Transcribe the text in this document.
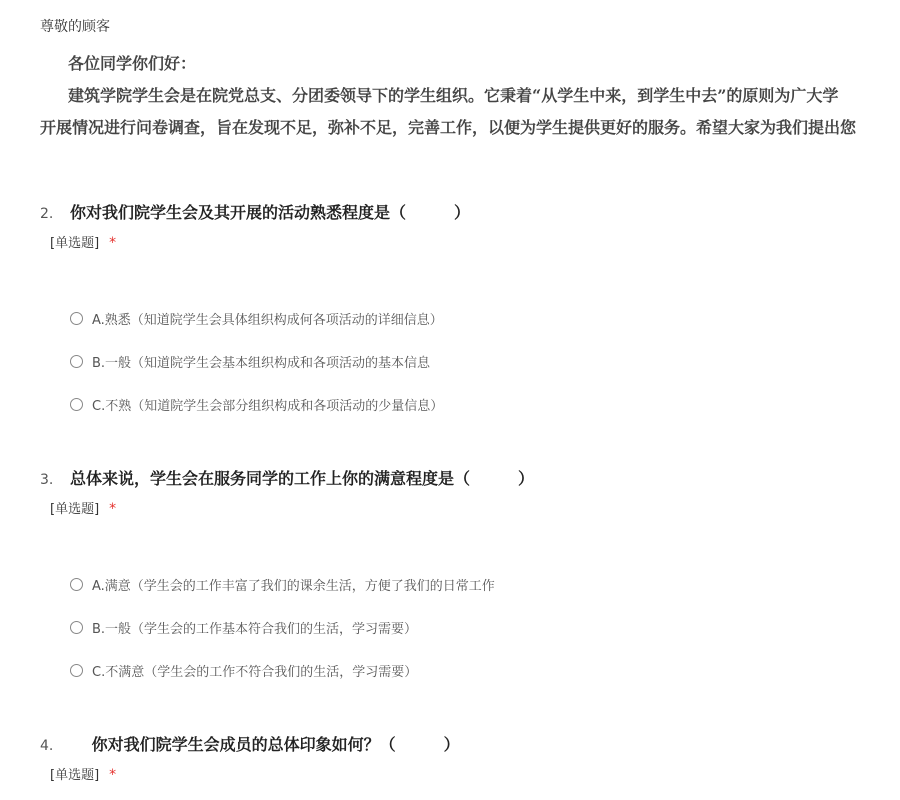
尊敬的顾客
各位同学你们好：
建筑学院学生会是在院党总支、分团委领导下的学生组织。它秉着“从学生中来，到学生中去”的原则为广大学
开展情况进行问卷调查，旨在发现不足，弥补不足，完善工作，以便为学生提供更好的服务。希望大家为我们提出您
2.	你对我们院学生会及其开展的活动熟悉程度是（　　　）
[单选题] *
A.熟悉（知道院学生会具体组织构成何各项活动的详细信息）
B.一般（知道院学生会基本组织构成和各项活动的基本信息
C.不熟（知道院学生会部分组织构成和各项活动的少量信息）
3.	总体来说，学生会在服务同学的工作上你的满意程度是（　　　）
[单选题] *
A.满意（学生会的工作丰富了我们的课余生活，方便了我们的日常工作
B.一般（学生会的工作基本符合我们的生活，学习需要）
C.不满意（学生会的工作不符合我们的生活，学习需要）
4.	　 你对我们院学生会成员的总体印象如何？（　　　）
[单选题] *
